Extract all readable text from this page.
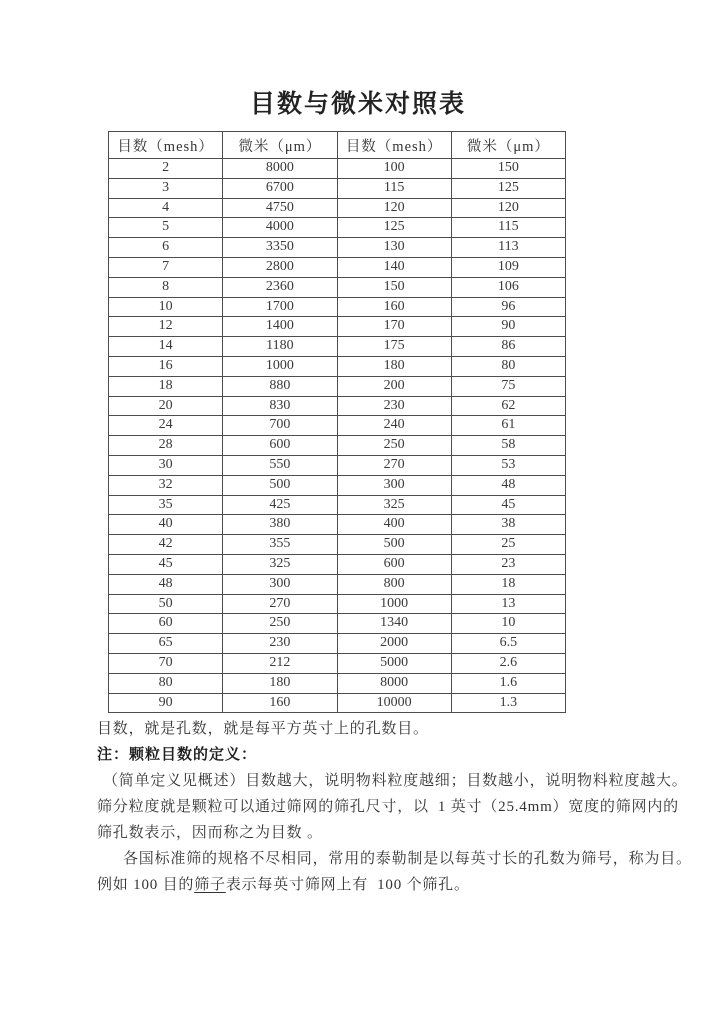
目数与微米对照表
目数（mesh）	微米（μm）	目数（mesh）	微米（μm）
2	8000	100	150
3	6700	115	125
4	4750	120	120
5	4000	125	115
6	3350	130	113
7	2800	140	109
8	2360	150	106
10	1700	160	96
12	1400	170	90
14	1180	175	86
16	1000	180	80
18	880	200	75
20	830	230	62
24	700	240	61
28	600	250	58
30	550	270	53
32	500	300	48
35	425	325	45
40	380	400	38
42	355	500	25
45	325	600	23
48	300	800	18
50	270	1000	13
60	250	1340	10
65	230	2000	6.5
70	212	5000	2.6
80	180	8000	1.6
90	160	10000	1.3
目数，就是孔数，就是每平方英寸上的孔数目。
注：颗粒目数的定义：
（简单定义见概述）目数越大，说明物料粒度越细；目数越小，说明物料粒度越大。
筛分粒度就是颗粒可以通过筛网的筛孔尺寸，以  1 英寸（25.4mm）宽度的筛网内的
筛孔数表示，因而称之为目数 。
各国标准筛的规格不尽相同，常用的泰勒制是以每英寸长的孔数为筛号，称为目。
例如 100 目的筛子表示每英寸筛网上有  100 个筛孔。
